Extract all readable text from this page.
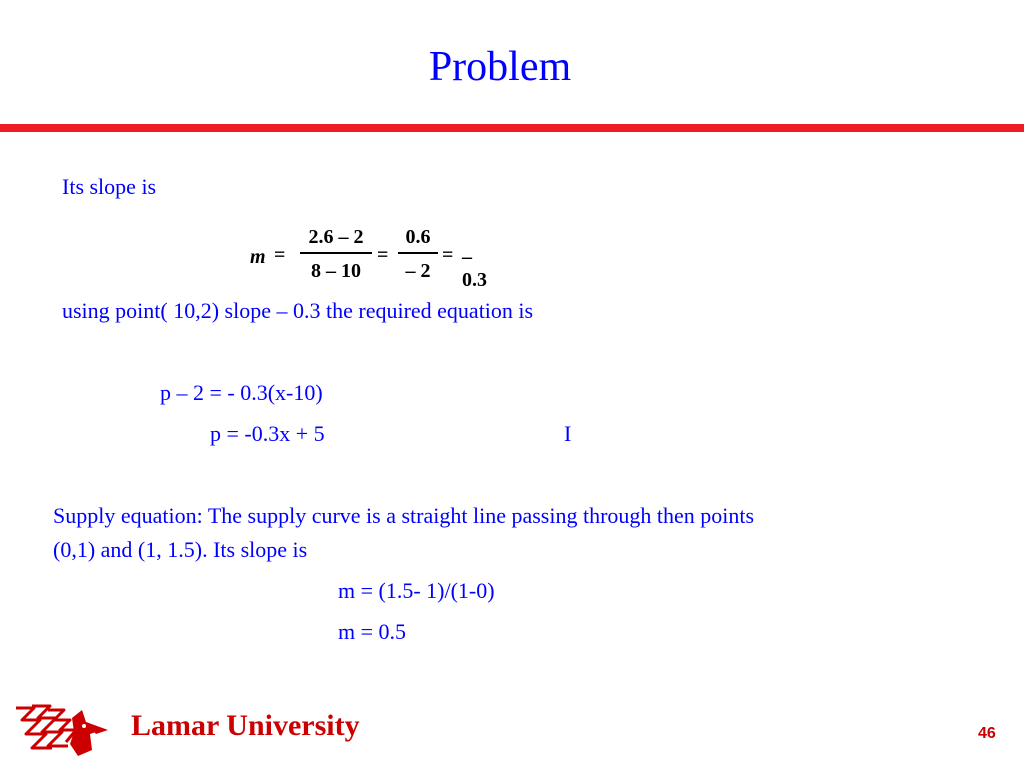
Problem
Its slope is
m =
2.6 – 2
8 – 10
=
0.6
– 2
= –0.3
using point( 10,2) slope – 0.3 the required equation is
p – 2 = - 0.3(x-10)
p = -0.3x + 5	I
Supply equation: The supply curve is a straight line passing through then points
(0,1) and (1, 1.5). Its slope is
m = (1.5- 1)/(1-0)
m = 0.5
Lamar University	46
